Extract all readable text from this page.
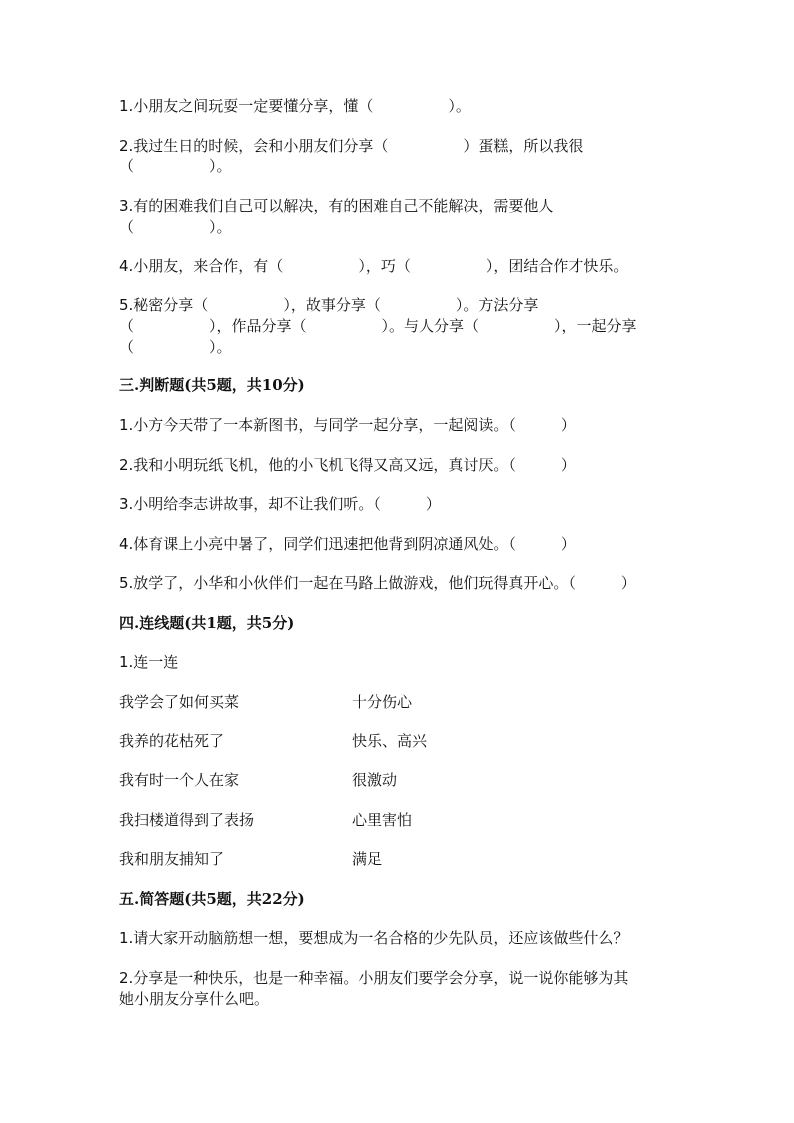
1.小朋友之间玩耍一定要懂分享，懂（　　　　　）。
2.我过生日的时候，会和小朋友们分享（　　　　　）蛋糕，所以我很
（　　　　　）。
3.有的困难我们自己可以解决，有的困难自己不能解决，需要他人
（　　　　　）。
4.小朋友，来合作，有（　　　　　），巧（　　　　　），团结合作才快乐。
5.秘密分享（　　　　　），故事分享（　　　　　）。方法分享
（　　　　　），作品分享（　　　　　）。与人分享（　　　　　），一起分享
（　　　　　）。
三.判断题(共5题，共10分)
1.小方今天带了一本新图书，与同学一起分享，一起阅读。（　　　）
2.我和小明玩纸飞机，他的小飞机飞得又高又远，真讨厌。（　　　）
3.小明给李志讲故事，却不让我们听。（　　　）
4.体育课上小亮中暑了，同学们迅速把他背到阴凉通风处。（　　　）
5.放学了，小华和小伙伴们一起在马路上做游戏，他们玩得真开心。（　　　）
四.连线题(共1题，共5分)
1.连一连
我学会了如何买菜	十分伤心
我养的花枯死了	快乐、高兴
我有时一个人在家	很激动
我扫楼道得到了表扬	心里害怕
我和朋友捕知了	满足
五.简答题(共5题，共22分)
1.请大家开动脑筋想一想，要想成为一名合格的少先队员，还应该做些什么？
2.分享是一种快乐，也是一种幸福。小朋友们要学会分享，说一说你能够为其
她小朋友分享什么吧。
